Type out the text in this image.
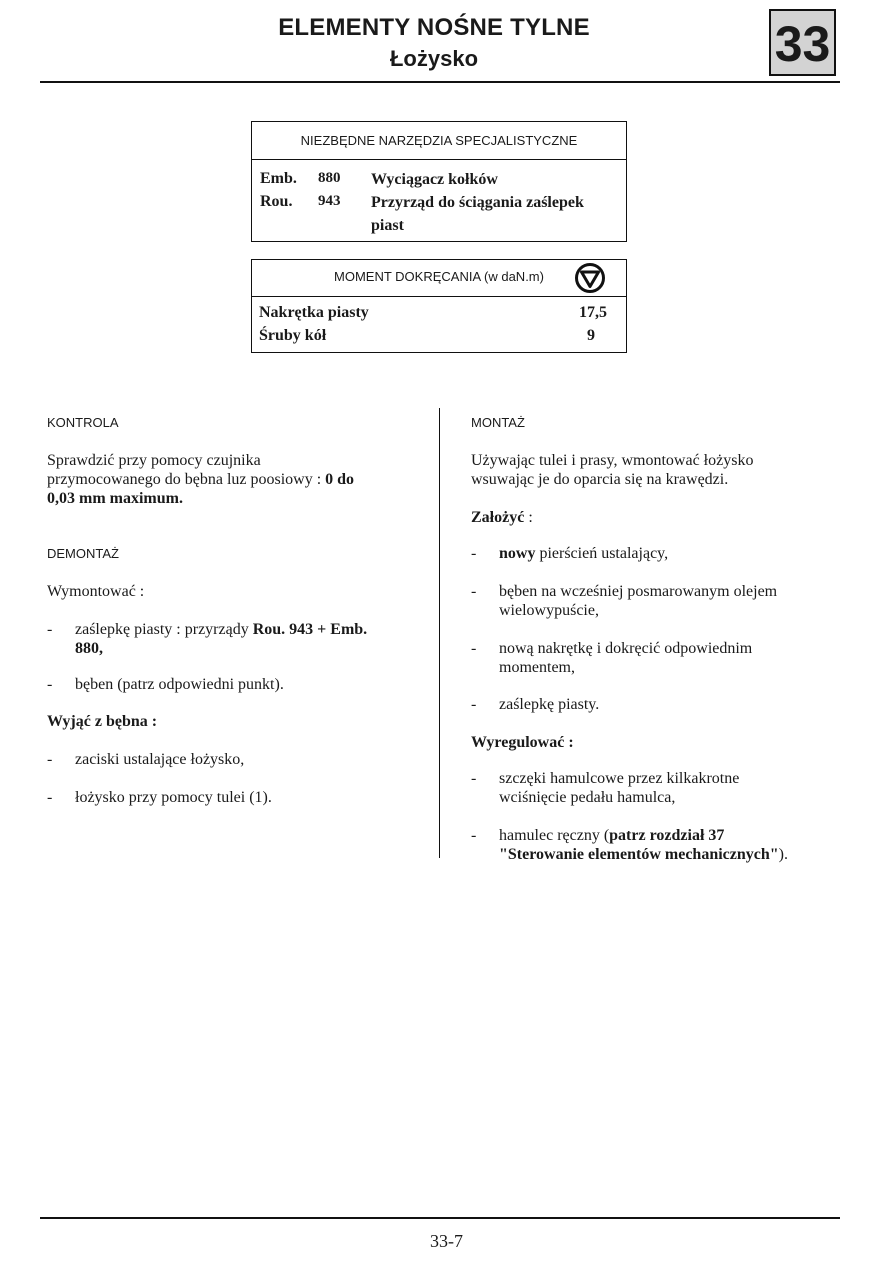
ELEMENTY NOŚNE TYLNE
Łożysko	33
NIEZBĘDNE NARZĘDZIA SPECJALISTYCZNE
Emb.	880	Wyciągacz kołków
Rou.	943	Przyrząd do ściągania zaślepek
piast
MOMENT DOKRĘCANIA (w daN.m)
Nakrętka piasty	17,5
Śruby kół	9
KONTROLA
Sprawdzić przy pomocy czujnika
przymocowanego do bębna luz poosiowy : 0 do
0,03 mm maximum.
DEMONTAŻ
Wymontować :
- zaślepkę piasty : przyrządy Rou. 943 + Emb.
880,
- bęben (patrz odpowiedni punkt).
Wyjąć z bębna :
- zaciski ustalające łożysko,
- łożysko przy pomocy tulei (1).
MONTAŻ
Używając tulei i prasy, wmontować łożysko
wsuwając je do oparcia się na krawędzi.
Założyć :
- nowy pierścień ustalający,
- bęben na wcześniej posmarowanym olejem
wielowypuście,
- nową nakrętkę i dokręcić odpowiednim
momentem,
- zaślepkę piasty.
Wyregulować :
- szczęki hamulcowe przez kilkakrotne
wciśnięcie pedału hamulca,
- hamulec ręczny (patrz rozdział 37
"Sterowanie elementów mechanicznych").
33-7
